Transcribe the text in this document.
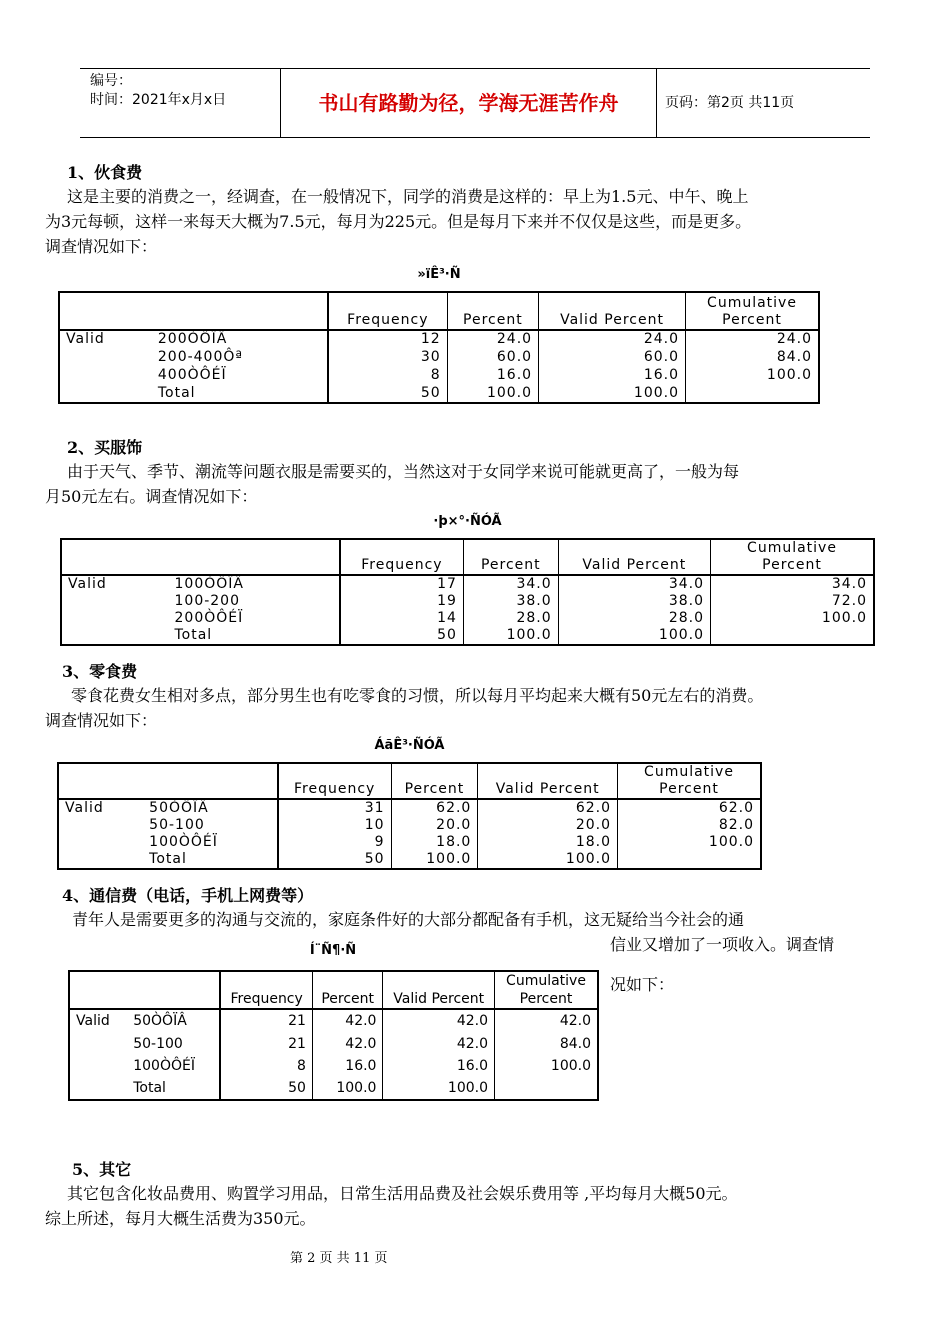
编号：
时间：2021年x月x日	书山有路勤为径，学海无涯苦作舟	页码：第2页 共11页
1、伙食费
这是主要的消费之一，经调查，在一般情况下，同学的消费是这样的：早上为1.5元、中午、晚上
为3元每顿，这样一来每天大概为7.5元，每月为225元。但是每月下来并不仅仅是这些，而是更多。
调查情况如下：
»ïÊ³·Ñ
		Frequency	Percent	Valid Percent	Cumulative Percent
Valid	200ÒÔÏÂ	12	24.0	24.0	24.0
	200-400Ôª	30	60.0	60.0	84.0
	400ÒÔÉÏ	8	16.0	16.0	100.0
	Total	50	100.0	100.0	
2、买服饰
由于天气、季节、潮流等问题衣服是需要买的，当然这对于女同学来说可能就更高了，一般为每
月50元左右。调查情况如下：
·þ×°·ÑÓÃ
		Frequency	Percent	Valid Percent	Cumulative Percent
Valid	100ÒÔÏÂ	17	34.0	34.0	34.0
	100-200	19	38.0	38.0	72.0
	200ÒÔÉÏ	14	28.0	28.0	100.0
	Total	50	100.0	100.0	
3、零食费
零食花费女生相对多点，部分男生也有吃零食的习惯，所以每月平均起来大概有50元左右的消费。
调查情况如下：
ÁãÊ³·ÑÓÃ
		Frequency	Percent	Valid Percent	Cumulative Percent
Valid	50ÒÔÏÂ	31	62.0	62.0	62.0
	50-100	10	20.0	20.0	82.0
	100ÒÔÉÏ	9	18.0	18.0	100.0
	Total	50	100.0	100.0	
4、通信费（电话，手机上网费等）
青年人是需要更多的沟通与交流的，家庭条件好的大部分都配备有手机，这无疑给当今社会的通
信业又增加了一项收入。调查情
况如下：
Í¨Ñ¶·Ñ
		Frequency	Percent	Valid Percent	Cumulative Percent
Valid	50ÒÔÏÂ	21	42.0	42.0	42.0
	50-100	21	42.0	42.0	84.0
	100ÒÔÉÏ	8	16.0	16.0	100.0
	Total	50	100.0	100.0	
5、其它
其它包含化妆品费用、购置学习用品，日常生活用品费及社会娱乐费用等 ,平均每月大概50元。
综上所述，每月大概生活费为350元。
第 2 页 共 11 页
